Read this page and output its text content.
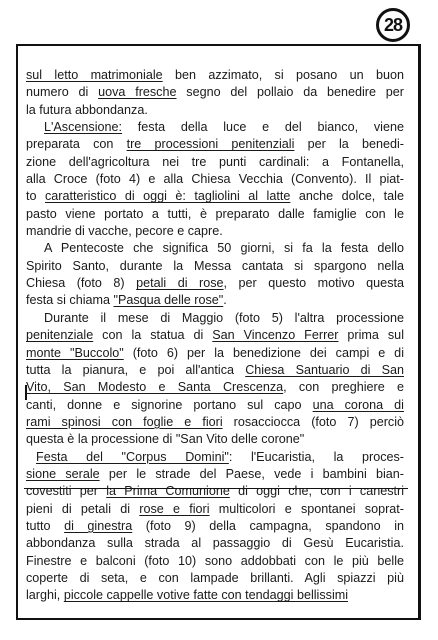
28
sul letto matrimoniale ben azzimato, si posano un buon
numero di uova fresche segno del pollaio da benedire per
la futura abbondanza.
L'Ascensione: festa della luce e del bianco, viene
preparata con tre processioni penitenziali per la benedi-
zione dell'agricoltura nei tre punti cardinali: a Fontanella,
alla Croce (foto 4) e alla Chiesa Vecchia (Convento). Il piat-
to caratteristico di oggi è: tagliolini al latte anche dolce, tale
pasto viene portato a tutti, è preparato dalle famiglie con le
mandrie di vacche, pecore e capre.
A Pentecoste che significa 50 giorni, si fa la festa dello
Spirito Santo, durante la Messa cantata si spargono nella
Chiesa (foto 8) petali di rose, per questo motivo questa
festa si chiama "Pasqua delle rose".
Durante il mese di Maggio (foto 5) l'altra processione
penitenziale con la statua di San Vincenzo Ferrer prima sul
monte "Buccolo" (foto 6) per la benedizione dei campi e di
tutta la pianura, e poi all'antica Chiesa Santuario di San
Vito, San Modesto e Santa Crescenza, con preghiere e
canti, donne e signorine portano sul capo una corona di
rami spinosi con foglie e fiori rosacciocca (foto 7) perciò
questa è la processione di "San Vito delle corone"
Festa del "Corpus Domini": l'Eucaristia, la proces-
sione serale per le strade del Paese, vede i bambini bian-
covestiti per la Prima Comunione di oggi che, con i canestri
pieni di petali di rose e fiori multicolori e spontanei soprat-
tutto di ginestra (foto 9) della campagna, spandono in
abbondanza sulla strada al passaggio di Gesù Eucaristia.
Finestre e balconi (foto 10) sono addobbati con le più belle
coperte di seta, e con lampade brillanti. Agli spiazzi più
larghi, piccole cappelle votive fatte con tendaggi bellissimi
